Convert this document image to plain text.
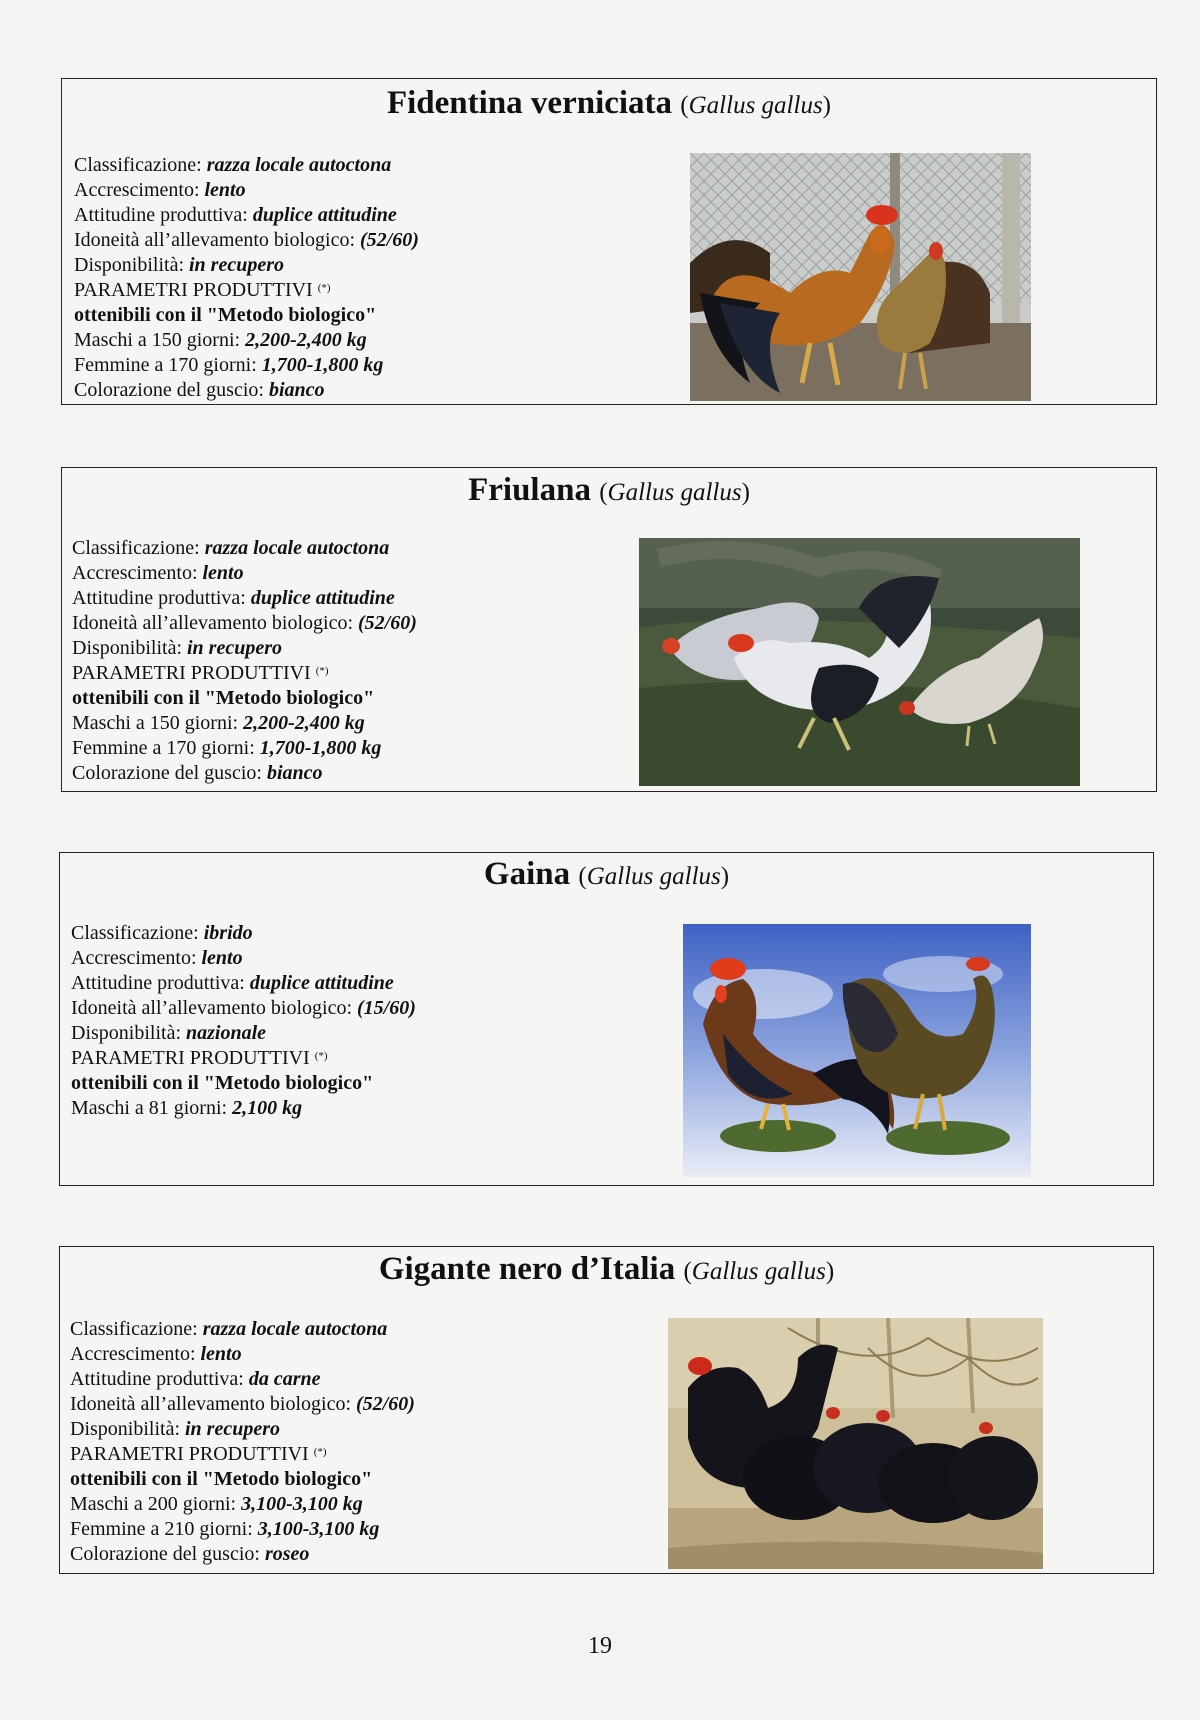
Fidentina verniciata (Gallus gallus)
Classificazione: razza locale autoctona
Accrescimento: lento
Attitudine produttiva: duplice attitudine
Idoneità all’allevamento biologico: (52/60)
Disponibilità: in recupero
PARAMETRI PRODUTTIVI (*)
ottenibili con il "Metodo biologico"
Maschi a 150 giorni: 2,200-2,400 kg
Femmine a 170 giorni: 1,700-1,800 kg
Colorazione del guscio: bianco
Friulana (Gallus gallus)
Classificazione: razza locale autoctona
Accrescimento: lento
Attitudine produttiva: duplice attitudine
Idoneità all’allevamento biologico: (52/60)
Disponibilità: in recupero
PARAMETRI PRODUTTIVI (*)
ottenibili con il "Metodo biologico"
Maschi a 150 giorni: 2,200-2,400 kg
Femmine a 170 giorni: 1,700-1,800 kg
Colorazione del guscio: bianco
Gaina (Gallus gallus)
Classificazione: ibrido
Accrescimento: lento
Attitudine produttiva: duplice attitudine
Idoneità all’allevamento biologico: (15/60)
Disponibilità: nazionale
PARAMETRI PRODUTTIVI (*)
ottenibili con il "Metodo biologico"
Maschi a 81 giorni: 2,100 kg
Gigante nero d’Italia (Gallus gallus)
Classificazione: razza locale autoctona
Accrescimento: lento
Attitudine produttiva: da carne
Idoneità all’allevamento biologico: (52/60)
Disponibilità: in recupero
PARAMETRI PRODUTTIVI (*)
ottenibili con il "Metodo biologico"
Maschi a 200 giorni: 3,100-3,100 kg
Femmine a 210 giorni: 3,100-3,100 kg
Colorazione del guscio: roseo
19
